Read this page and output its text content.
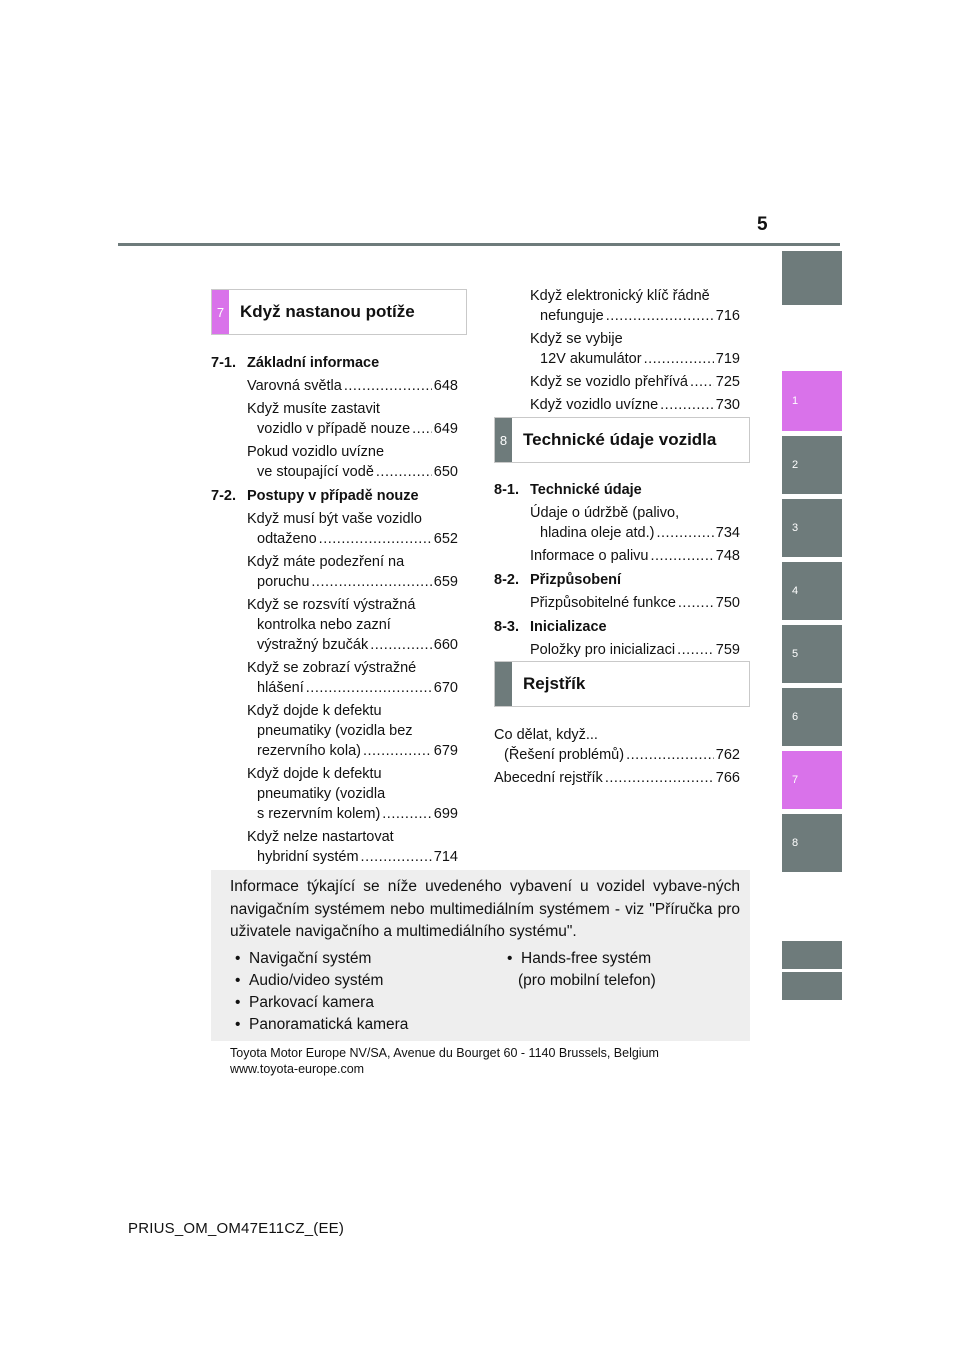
5
1
2
3
4
5
6
7
8
7 Když nastanou potíže
7-1. Základní informace
Varovná světla .....	648
Když musíte zastavit
vozidlo v případě nouze ..... 649
Pokud vozidlo uvízne
ve stoupající vodě .....	650
7-2. Postupy v případě nouze
Když musí být vaše vozidlo
odtaženo .....	652
Když máte podezření na
poruchu .....	659
Když se rozsvítí výstražná
kontrolka nebo zazní
výstražný bzučák .....	660
Když se zobrazí výstražné
hlášení .....	670
Když dojde k defektu
pneumatiky (vozidla bez
rezervního kola) .....	679
Když dojde k defektu
pneumatiky (vozidla
s rezervním kolem) .....	699
Když nelze nastartovat
hybridní systém .....	714
Když elektronický klíč řádně
nefunguje .....	716
Když se vybije
12V akumulátor .....	719
Když se vozidlo přehřívá ..... 725
Když vozidlo uvízne .....	730
8 Technické údaje vozidla
8-1. Technické údaje
Údaje o údržbě (palivo,
hladina oleje atd.) .....	734
Informace o palivu .....	748
8-2. Přizpůsobení
Přizpůsobitelné funkce .....	750
8-3. Inicializace
Položky pro inicializaci .....	759
Rejstřík
Co dělat, když...
(Řešení problémů) .....	762
Abecední rejstřík .....	766
Informace týkající se níže uvedeného vybavení u vozidel vybave-ných navigačním systémem nebo multimediálním systémem - viz "Příručka pro uživatele navigačního a multimediálního systému".
•  Navigační systém
•  Audio/video systém
•  Parkovací kamera
•  Panoramatická kamera
•  Hands-free systém
(pro mobilní telefon)
Toyota Motor Europe NV/SA, Avenue du Bourget 60 - 1140 Brussels, Belgium
www.toyota-europe.com
PRIUS_OM_OM47E11CZ_(EE)
